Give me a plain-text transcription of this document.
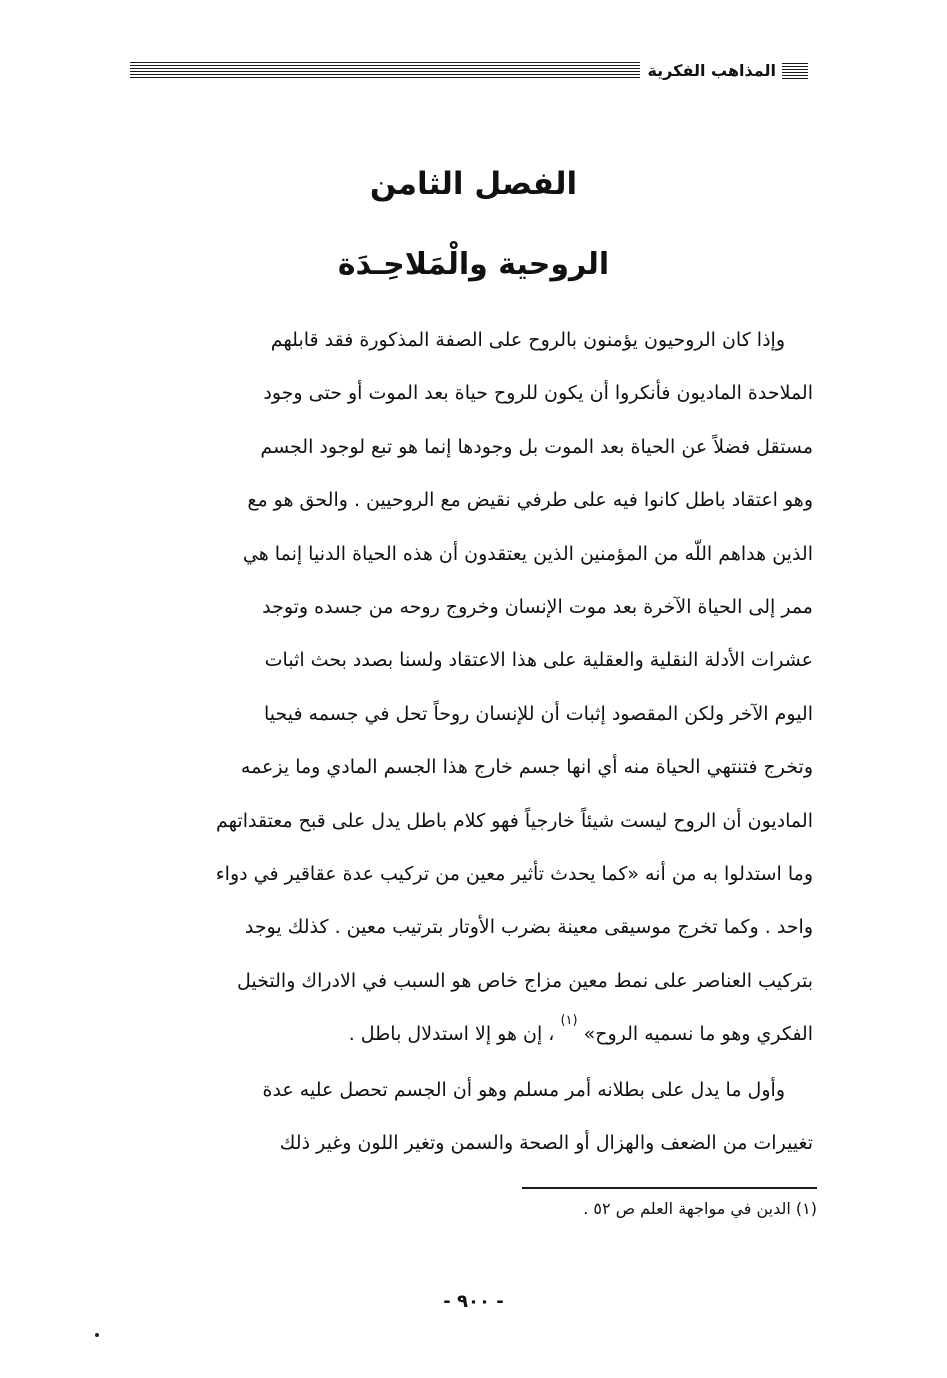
المذاهب الفكرية
الفصل الثامن
الروحية والْمَلاحِـدَة
وإذا كان الروحيون يؤمنون بالروح على الصفة المذكورة فقد قابلهم
الملاحدة الماديون فأنكروا أن يكون للروح حياة بعد الموت أو حتى وجود
مستقل فضلاً عن الحياة بعد الموت بل وجودها إنما هو تبع لوجود الجسم
وهو اعتقاد باطل كانوا فيه على طرفي نقيض مع الروحيين . والحق هو مع
الذين هداهم اللّه من المؤمنين الذين يعتقدون أن هذه الحياة الدنيا إنما هي
ممر إلى الحياة الآخرة بعد موت الإنسان وخروج روحه من جسده وتوجد
عشرات الأدلة النقلية والعقلية على هذا الاعتقاد ولسنا بصدد بحث اثبات
اليوم الآخر ولكن المقصود إثبات أن للإنسان روحاً تحل في جسمه فيحيا
وتخرج فتنتهي الحياة منه أي انها جسم خارج هذا الجسم المادي وما يزعمه
الماديون أن الروح ليست شيئاً خارجياً فهو كلام باطل يدل على قبح معتقداتهم
وما استدلوا به من أنه «كما يحدث تأثير معين من تركيب عدة عقاقير في دواء
واحد . وكما تخرج موسيقى معينة بضرب الأوتار بترتيب معين . كذلك يوجد
بتركيب العناصر على نمط معين مزاج خاص هو السبب في الادراك والتخيل
الفكري وهو ما نسميه الروح»$^{(١)}$، إن هو إلا استدلال باطل .
وأول ما يدل على بطلانه أمر مسلم وهو أن الجسم تحصل عليه عدة
تغييرات من الضعف والهزال أو الصحة والسمن وتغير اللون وغير ذلك
(١) الدين في مواجهة العلم ص ٥٢ .
- ٩٠٠ -
